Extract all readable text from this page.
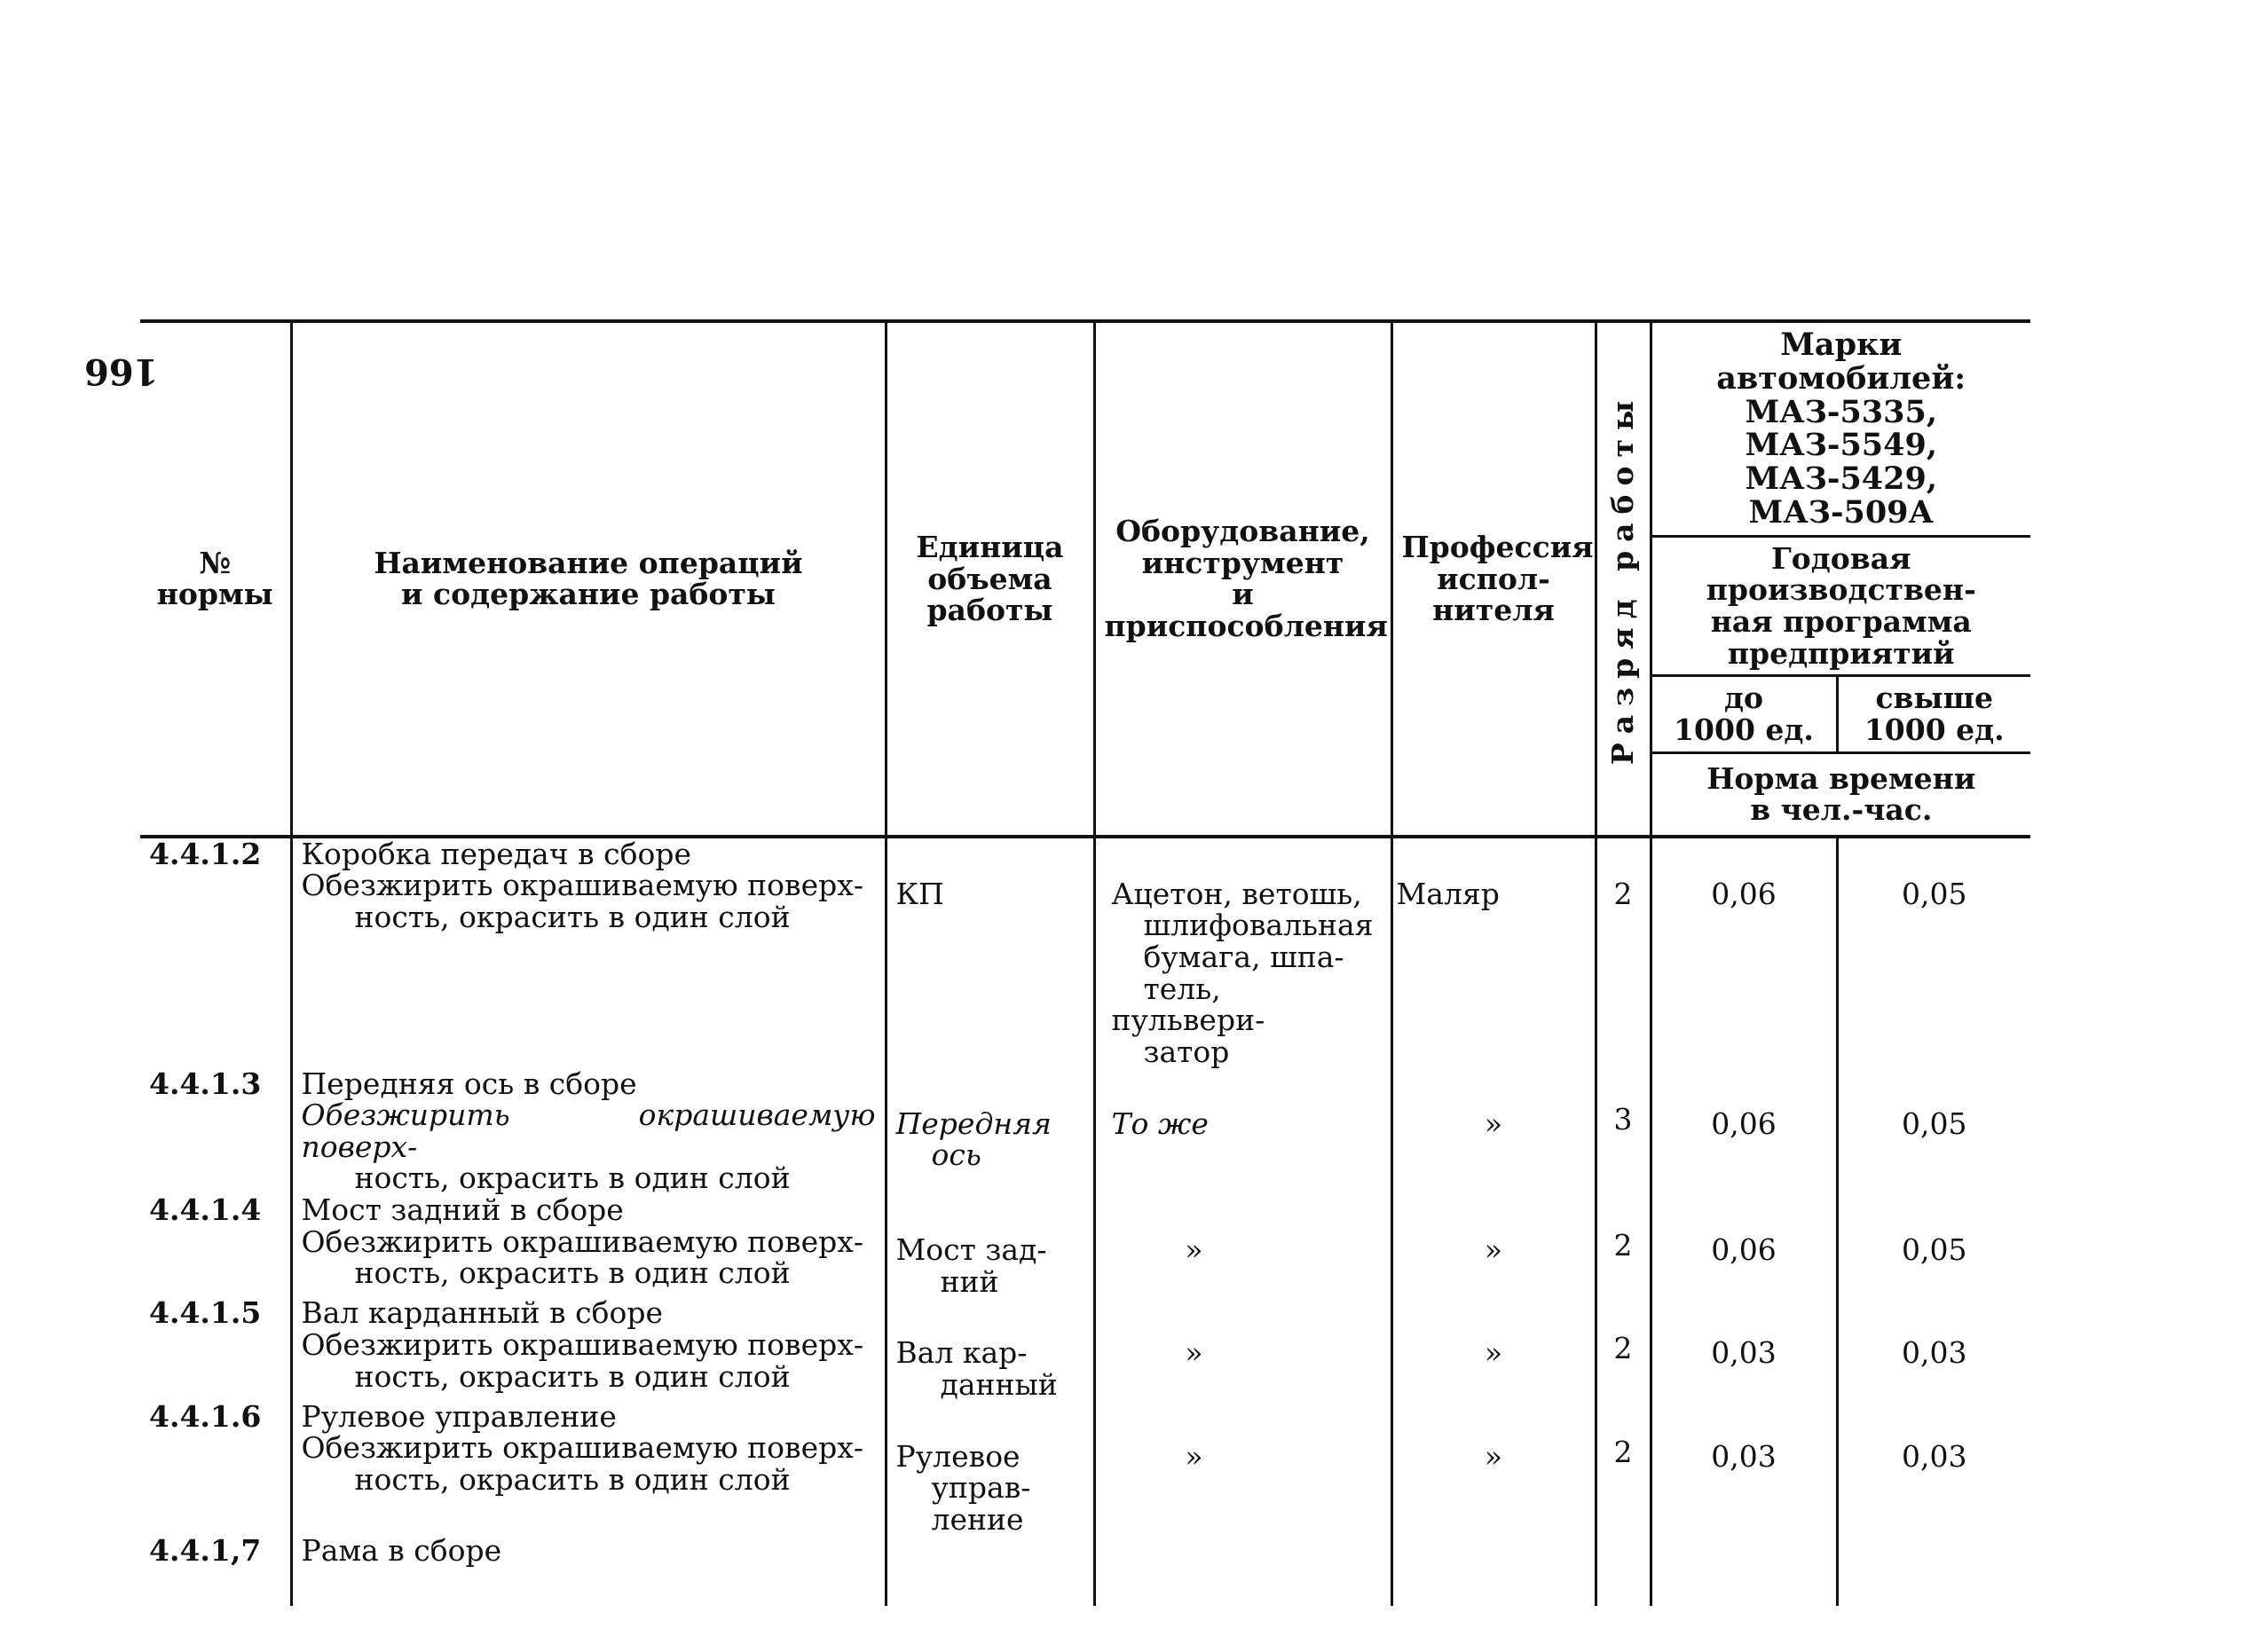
166
№ нормы	Наименование операций
и содержание работы	Единица
объема
работы	Оборудование,
инструмент
и приспособления	Профессия
испол-
нителя	Разряд работы	Марки автомобилей:
МАЗ-5335, МАЗ-5549,
МАЗ-5429, МАЗ-509А	
						Годовая производствен-
ная программа
предприятий	
						до
1000 ед.	свыше
1000 ед.
						Норма времени
в чел.-час.	
4.4.1.2	Коробка передач в сборе
Обезжирить окрашиваемую поверх-
ность, окрасить в один слой	КП	Ацетон, ветошь,
шлифовальная
бумага, шпа-
тель, пульвери-
затор	Маляр	2	0,06	0,05
4.4.1.3	Передняя ось в сборе
Обезжирить окрашиваемую поверх-
ность, окрасить в один слой	Передняя
ось	То же	»	3	0,06	0,05
4.4.1.4	Мост задний в сборе
Обезжирить окрашиваемую поверх-
ность, окрасить в один слой	Мост зад-
ний	»	»	2	0,06	0,05
4.4.1.5	Вал карданный в сборе
Обезжирить окрашиваемую поверх-
ность, окрасить в один слой	Вал кар-
данный	»	»	2	0,03	0,03
4.4.1.6	Рулевое управление
Обезжирить окрашиваемую поверх-
ность, окрасить в один слой	Рулевое
управ-
ление	»	»	2	0,03	0,03
4.4.1,7	Рама в сборе						
